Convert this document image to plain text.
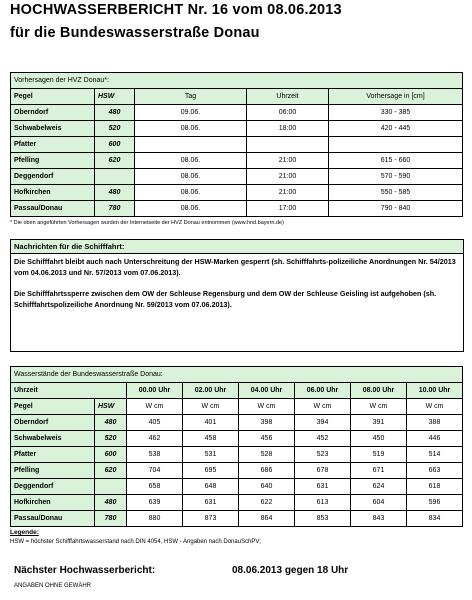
HOCHWASSERBERICHT Nr. 16 vom 08.06.2013
für die Bundeswasserstraße Donau
Vorhersagen der HVZ Donau*:				
Pegel	HSW	Tag	Uhrzeit	Vorhersage in [cm]
Oberndorf	480	09.06.	06:00	330 - 385
Schwabelweis	520	08.06.	18:00	420 - 445
Pfatter	600			
Pfelling	620	08.06.	21:00	615 - 660
Deggendorf		08.06.	21:00	570 - 590
Hofkirchen	480	08.06.	21:00	550 - 585
Passau/Donau	780	08.06.	17:00	790 - 840
* Die oben angeführten Vorhersagen wurden der Internetseite der HVZ Donau entnommen (www.hnd.bayern.de)
Nachrichten für die Schifffahrt:
Die Schifffahrt bleibt auch nach Unterschreitung der HSW-Marken gesperrt (sh. Schifffahrts-polizeiliche Anordnungen Nr. 54/2013 vom 04.06.2013 und Nr. 57/2013 vom 07.06.2013).
Die Schifffahrtssperre zwischen dem OW der Schleuse Regensburg und dem OW der Schleuse Geisling ist aufgehoben (sh. Schifffahrtspolizeiliche Anordnung Nr. 59/2013 vom 07.06.2013).
Wasserstände der Bundeswasserstraße Donau:							
Uhrzeit		00.00 Uhr	02.00 Uhr	04.00 Uhr	06.00 Uhr	08.00 Uhr	10.00 Uhr
Pegel	HSW	W cm	W cm	W cm	W cm	W cm	W cm
Oberndorf	480	405	401	398	394	391	388
Schwabelweis	520	462	458	456	452	450	446
Pfatter	600	538	531	528	523	519	514
Pfelling	620	704	695	686	678	671	663
Deggendorf		658	648	640	631	624	618
Hofkirchen	480	639	631	622	613	604	596
Passau/Donau	780	880	873	864	853	843	834
Legende:
HSW = höchster Schifffahrtswasserstand nach DIN 4054, HSW - Angaben nach DonauSchPV;
Nächster Hochwasserbericht:	08.06.2013 gegen 18 Uhr
ANGABEN OHNE GEWÄHR
